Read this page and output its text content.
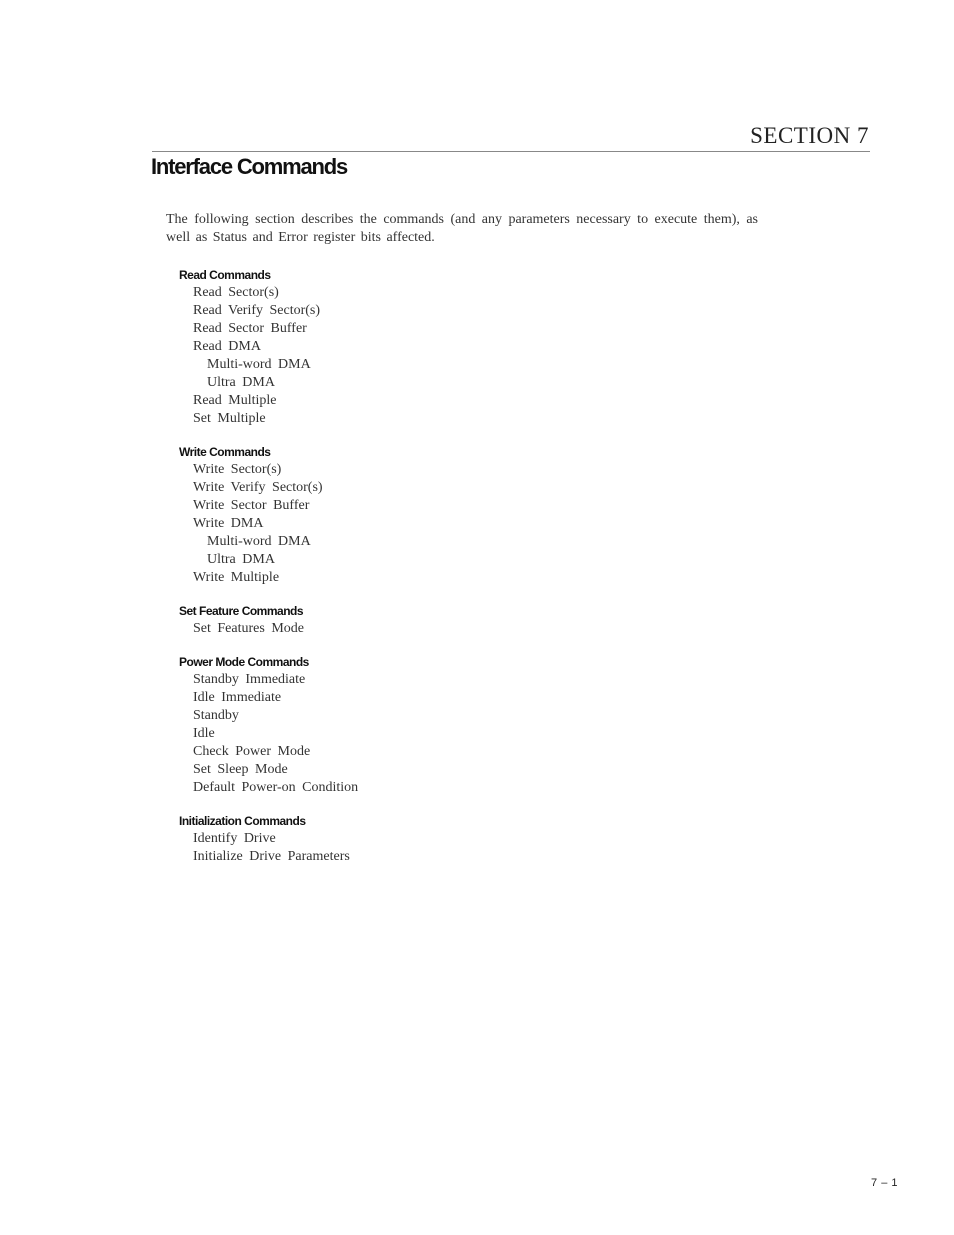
SECTION 7
Interface Commands

The following section describes the commands (and any parameters necessary to execute them), as well as Status and Error register bits affected.

Read Commands
Read Sector(s)
Read Verify Sector(s)
Read Sector Buffer
Read DMA
Multi-word DMA
Ultra DMA
Read Multiple
Set Multiple
Write Commands
Write Sector(s)
Write Verify Sector(s)
Write Sector Buffer
Write DMA
Multi-word DMA
Ultra DMA
Write Multiple
Set Feature Commands
Set Features Mode
Power Mode Commands
Standby Immediate
Idle Immediate
Standby
Idle
Check Power Mode
Set Sleep Mode
Default Power-on Condition
Initialization Commands
Identify Drive
Initialize Drive Parameters
7 – 1
